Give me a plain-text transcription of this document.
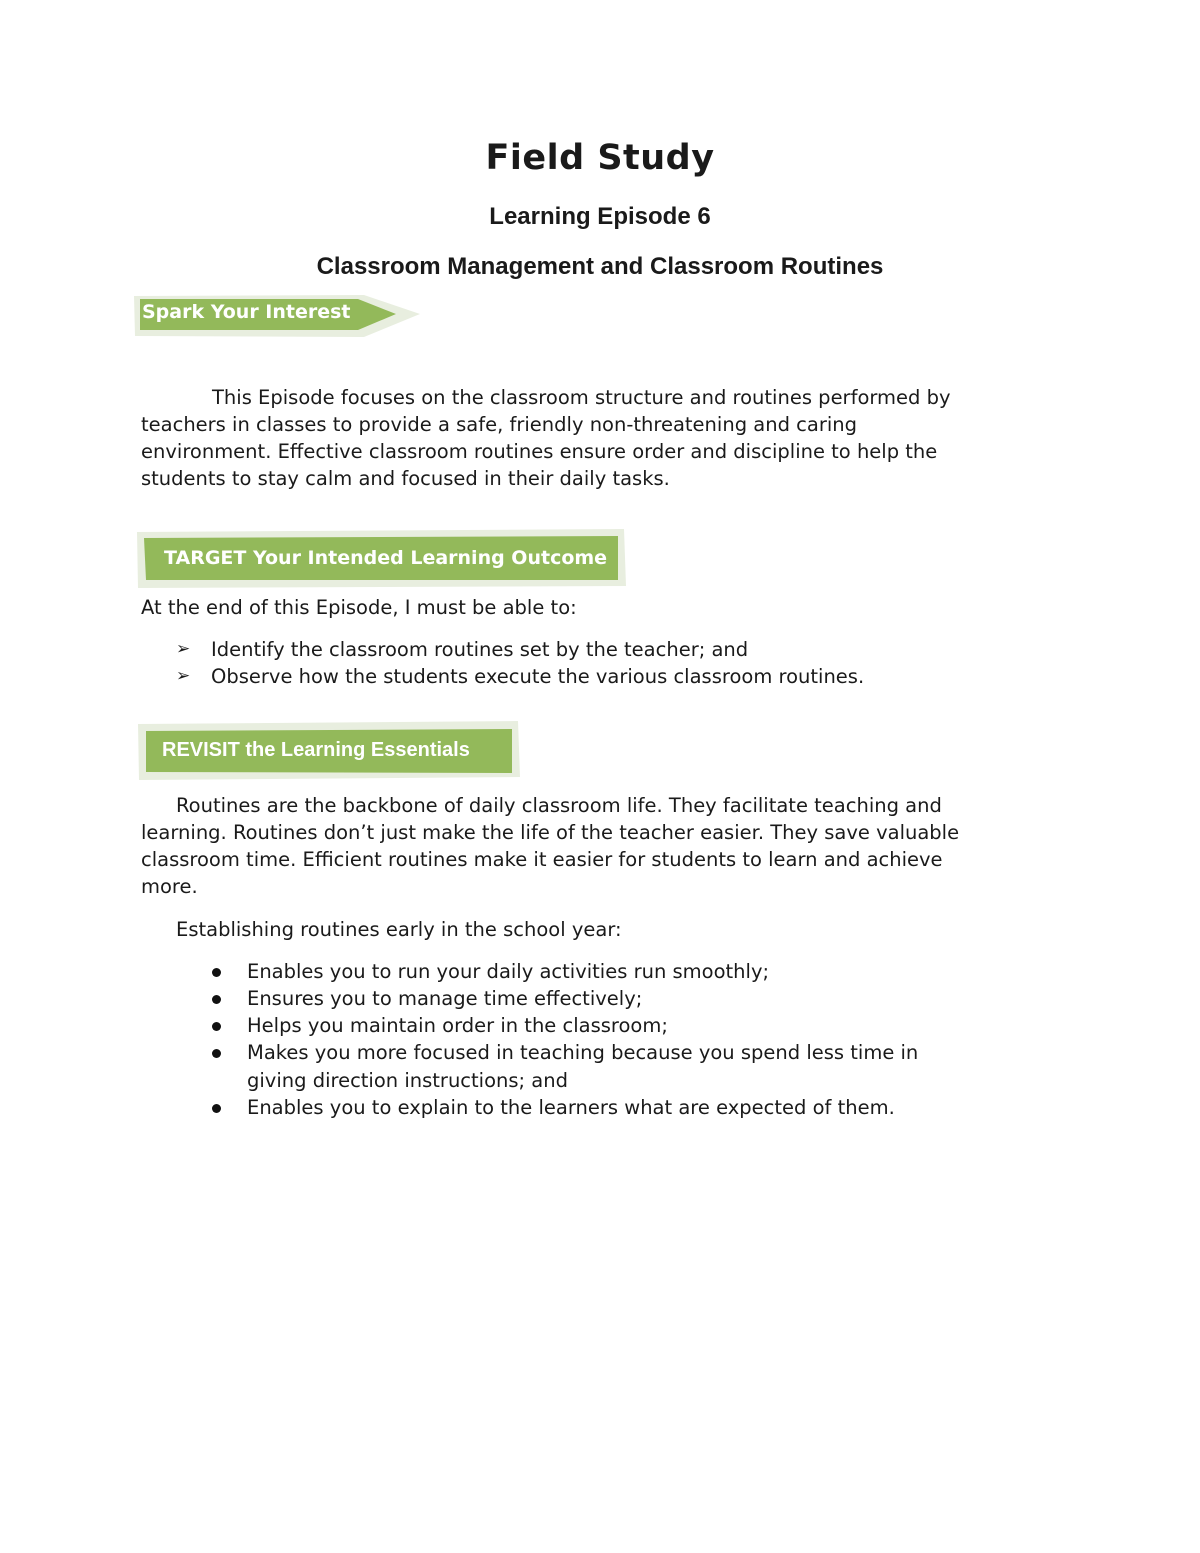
Field Study
Learning Episode 6
Classroom Management and Classroom Routines
Spark Your Interest
This Episode focuses on the classroom structure and routines performed by
teachers in classes to provide a safe, friendly non-threatening and caring
environment. Effective classroom routines ensure order and discipline to help the
students to stay calm and focused in their daily tasks.
TARGET Your Intended Learning Outcome
At the end of this Episode, I must be able to:
➢ Identify the classroom routines set by the teacher; and
➢ Observe how the students execute the various classroom routines.
REVISIT the Learning Essentials
Routines are the backbone of daily classroom life. They facilitate teaching and
learning. Routines don’t just make the life of the teacher easier. They save valuable
classroom time. Efficient routines make it easier for students to learn and achieve
more.
Establishing routines early in the school year:
Enables you to run your daily activities run smoothly;
Ensures you to manage time effectively;
Helps you maintain order in the classroom;
Makes you more focused in teaching because you spend less time in
giving direction instructions; and
Enables you to explain to the learners what are expected of them.
